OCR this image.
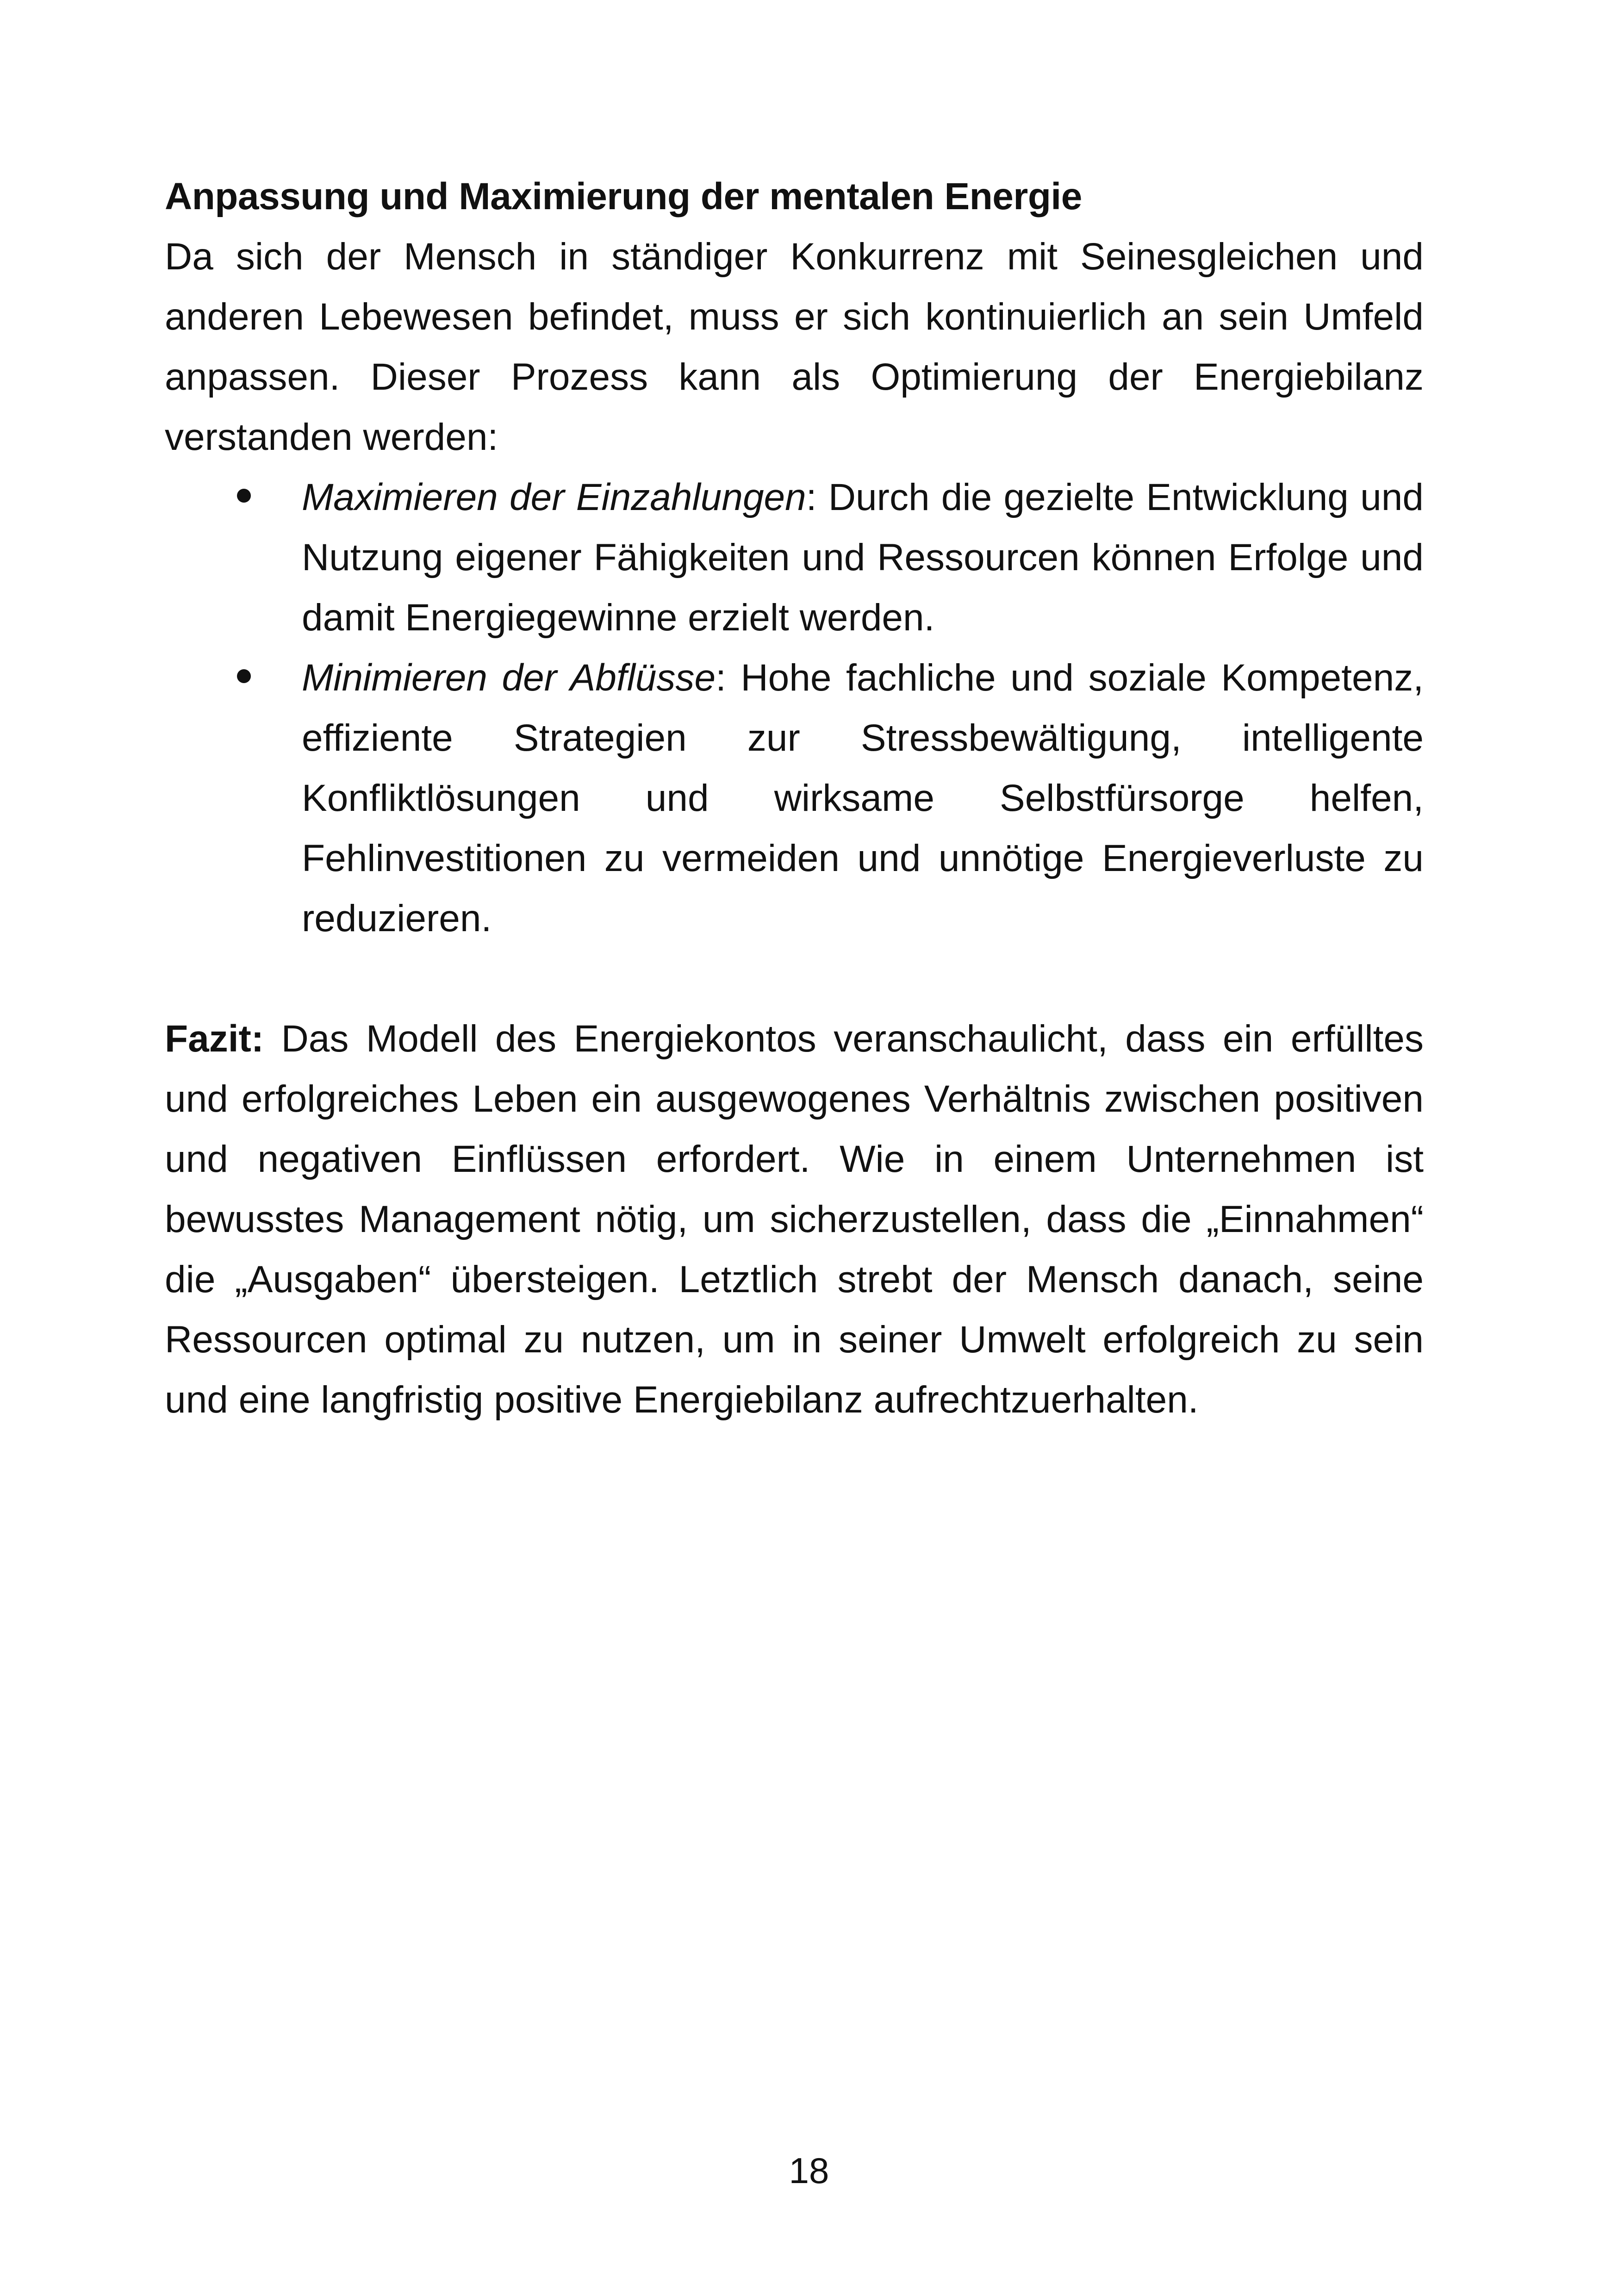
Anpassung und Maximierung der mentalen Energie

Da sich der Mensch in ständiger Konkurrenz mit Seinesgleichen und anderen Lebewesen befindet, muss er sich kontinuierlich an sein Umfeld anpassen. Dieser Prozess kann als Optimierung der Energiebilanz verstanden werden:

Maximieren der Einzahlungen: Durch die gezielte Entwicklung und Nutzung eigener Fähigkeiten und Ressourcen können Erfolge und damit Energiegewinne erzielt werden.
Minimieren der Abflüsse: Hohe fachliche und soziale Kompetenz, effiziente Strategien zur Stressbewältigung, intelligente Konfliktlösungen und wirksame Selbstfürsorge helfen, Fehlinvestitionen zu vermeiden und unnötige Energieverluste zu reduzieren.

Fazit: Das Modell des Energiekontos veranschaulicht, dass ein erfülltes und erfolgreiches Leben ein ausgewogenes Verhältnis zwischen positiven und negativen Einflüssen erfordert. Wie in einem Unternehmen ist bewusstes Management nötig, um sicherzustellen, dass die „Einnahmen“ die „Ausgaben“ übersteigen. Letztlich strebt der Mensch danach, seine Ressourcen optimal zu nutzen, um in seiner Umwelt erfolgreich zu sein und eine langfristig positive Energiebilanz aufrechtzuerhalten.

18
